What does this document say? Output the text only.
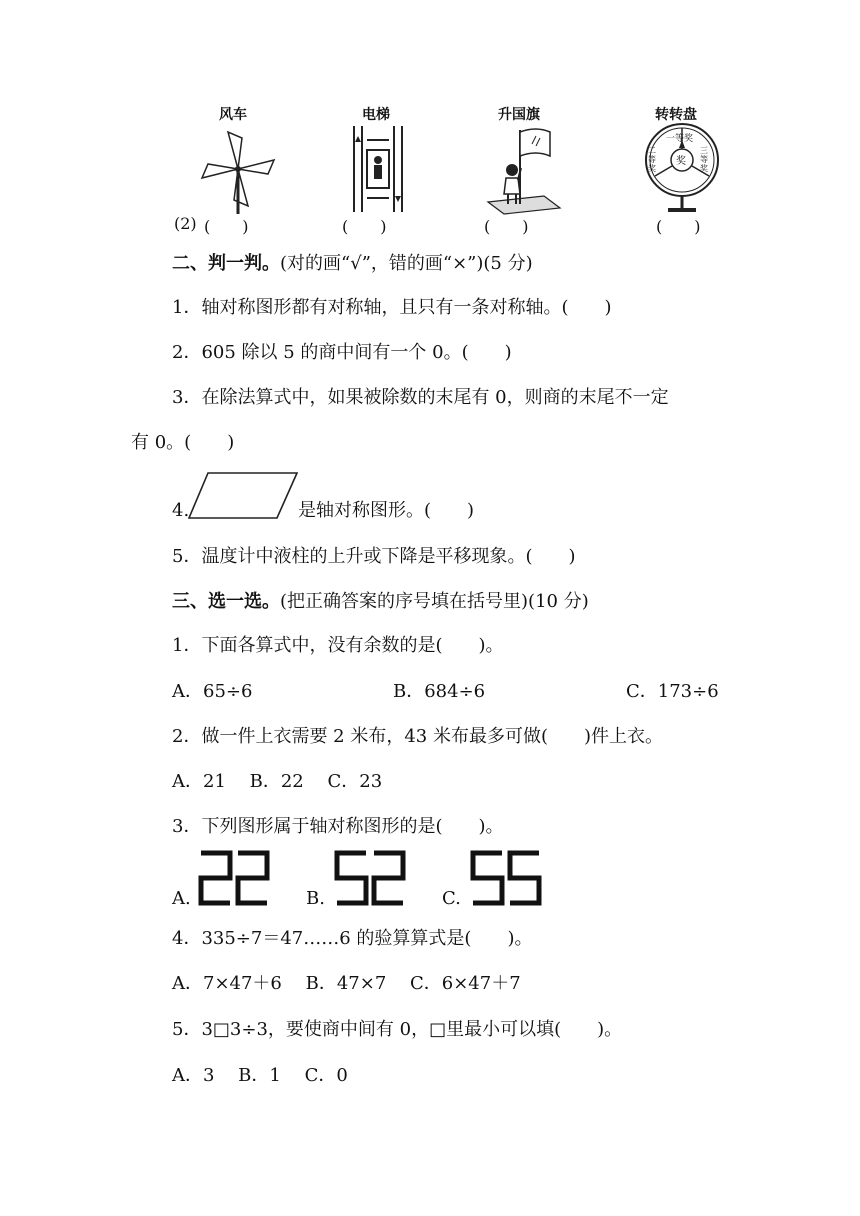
风车	电梯	升国旗	转转盘
一等奖
奖
二等奖
三等奖
(2) (　　)	(　　)	(　　)	(　　)
二、判一判。(对的画“√”，错的画“×”)(5 分)
1．轴对称图形都有对称轴，且只有一条对称轴。(　　)
2．605 除以 5 的商中间有一个 0。(　　)
3．在除法算式中，如果被除数的末尾有 0，则商的末尾不一定
有 0。(　　)
4.	是轴对称图形。(　　)
5．温度计中液柱的上升或下降是平移现象。(　　)
三、选一选。(把正确答案的序号填在括号里)(10 分)
1．下面各算式中，没有余数的是(　　)。
A．65÷6	B．684÷6	C．173÷6
2．做一件上衣需要 2 米布，43 米布最多可做(　　)件上衣。
A．21　 B．22　 C．23
3．下列图形属于轴对称图形的是(　　)。
A.	B.	C.
4．335÷7＝47……6 的验算算式是(　　)。
A．7×47＋6　 B．47×7　 C．6×47＋7
5．3□3÷3，要使商中间有 0，□里最小可以填(　　)。
A．3　 B．1　 C．0
